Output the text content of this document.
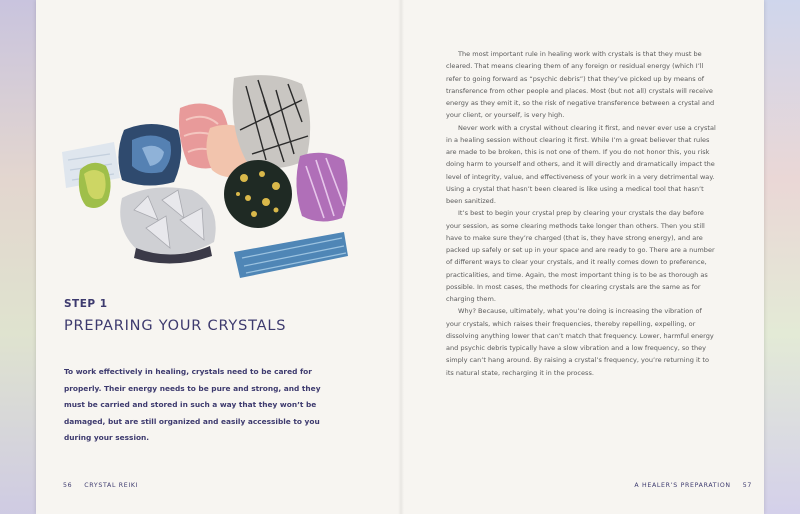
STEP 1
PREPARING YOUR CRYSTALS
To work effectively in healing, crystals need to be cared for properly. Their energy needs to be pure and strong, and they must be carried and stored in such a way that they won’t be damaged, but are still organized and easily accessible to you during your session.

The most important rule in healing work with crystals is that they must be cleared. That means clearing them of any foreign or residual energy (which I’ll refer to going forward as “psychic debris”) that they’ve picked up by means of transference from other people and places. Most (but not all) crystals will receive energy as they emit it, so the risk of negative transference between a crystal and your client, or yourself, is very high.

Never work with a crystal without clearing it first, and never ever use a crystal in a healing session without clearing it first. While I’m a great believer that rules are made to be broken, this is not one of them. If you do not honor this, you risk doing harm to yourself and others, and it will directly and dramatically impact the level of integrity, value, and effectiveness of your work in a very detrimental way. Using a crystal that hasn’t been cleared is like using a medical tool that hasn’t been sanitized.

It’s best to begin your crystal prep by clearing your crystals the day before your session, as some clearing methods take longer than others. Then you still have to make sure they’re charged (that is, they have strong energy), and are packed up safely or set up in your space and are ready to go. There are a number of different ways to clear your crystals, and it really comes down to preference, practicalities, and time. Again, the most important thing is to be as thorough as possible. In most cases, the methods for clearing crystals are the same as for charging them.

Why? Because, ultimately, what you’re doing is increasing the vibration of your crystals, which raises their frequencies, thereby repelling, expelling, or dissolving anything lower that can’t match that frequency. Lower, harmful energy and psychic debris typically have a slow vibration and a low frequency, so they simply can’t hang around. By raising a crystal’s frequency, you’re returning it to its natural state, recharging it in the process.

56 CRYSTAL REIKI	A HEALER’S PREPARATION 57
